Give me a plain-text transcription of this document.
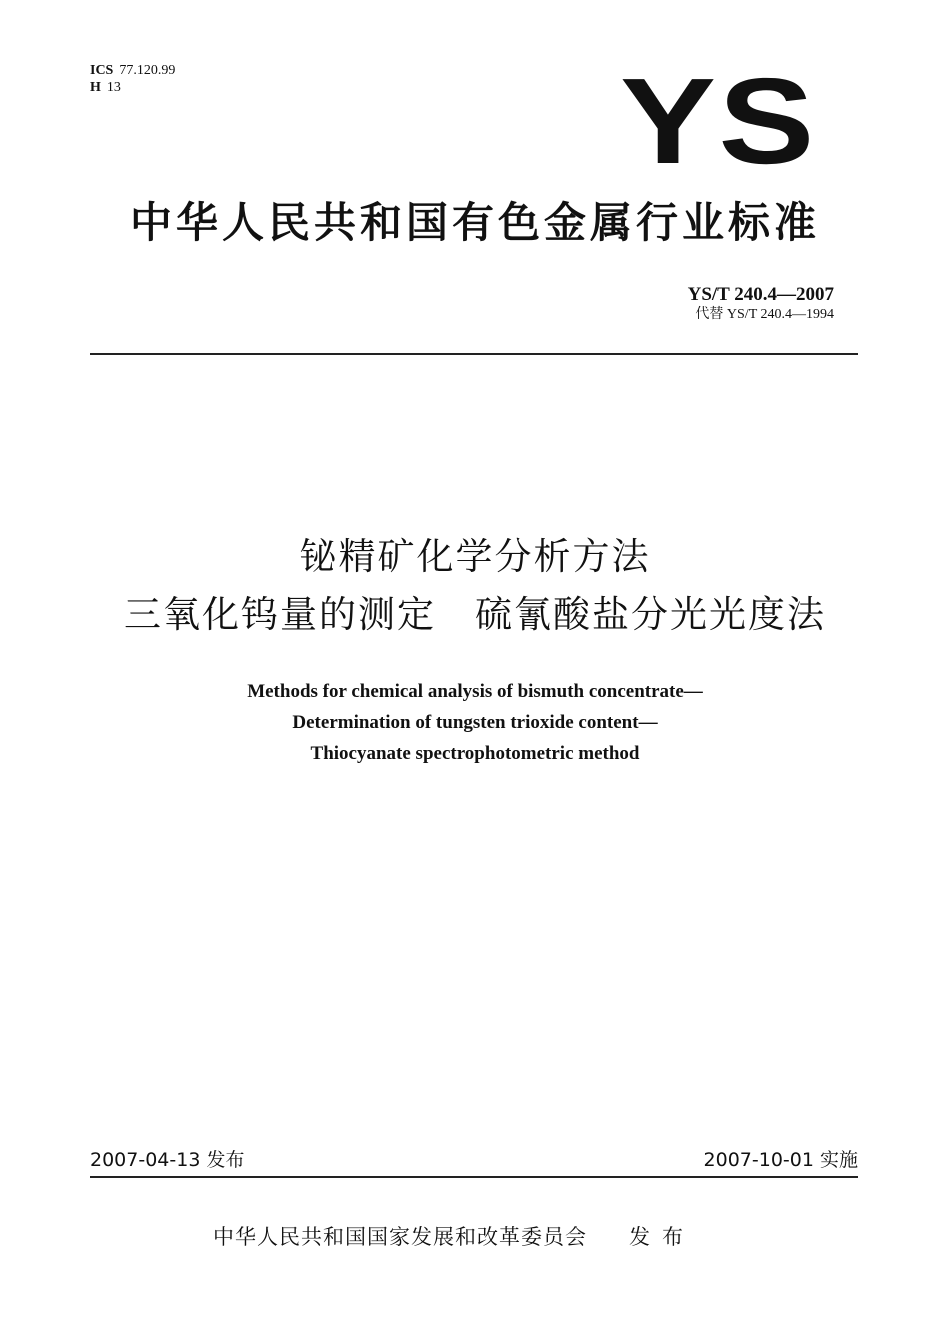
ICS 77.120.99
H 13	YS
中华人民共和国有色金属行业标准
YS/T 240.4—2007
代替 YS/T 240.4—1994
铋精矿化学分析方法
三氧化钨量的测定　硫氰酸盐分光光度法
Methods for chemical analysis of bismuth concentrate—
Determination of tungsten trioxide content—
Thiocyanate spectrophotometric method
2007-04-13 发布	2007-10-01 实施
中华人民共和国国家发展和改革委员会 发布
